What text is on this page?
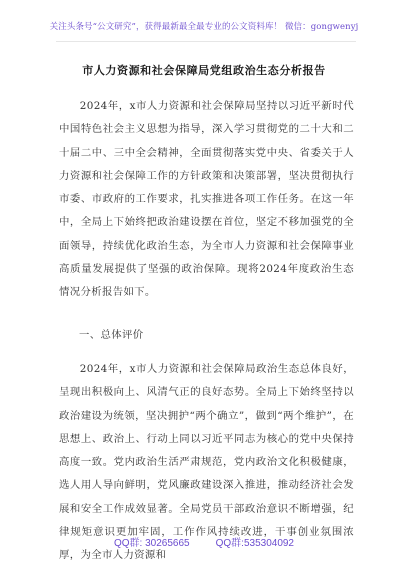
关注头条号“公文研究”，获得最新最全最专业的公文资料库！ 微信：gongwenyj
市人力资源和社会保障局党组政治生态分析报告
2024年，x市人力资源和社会保障局坚持以习近平新时代中国特色社会主义思想为指导，深入学习贯彻党的二十大和二十届二中、三中全会精神，全面贯彻落实党中央、省委关于人力资源和社会保障工作的方针政策和决策部署，坚决贯彻执行市委、市政府的工作要求，扎实推进各项工作任务。在这一年中，全局上下始终把政治建设摆在首位，坚定不移加强党的全面领导，持续优化政治生态，为全市人力资源和社会保障事业高质量发展提供了坚强的政治保障。现将2024年度政治生态情况分析报告如下。
一、总体评价
2024年，x市人力资源和社会保障局政治生态总体良好，呈现出积极向上、风清气正的良好态势。全局上下始终坚持以政治建设为统领，坚决拥护“两个确立”，做到“两个维护”，在思想上、政治上、行动上同以习近平同志为核心的党中央保持高度一致。党内政治生活严肃规范，党内政治文化积极健康，选人用人导向鲜明，党风廉政建设深入推进，推动经济社会发展和安全工作成效显著。全局党员干部政治意识不断增强，纪律规矩意识更加牢固，工作作风持续改进，干事创业氛围浓厚，为全市人力资源和
QQ群: 30265665	QQ群:535304092
